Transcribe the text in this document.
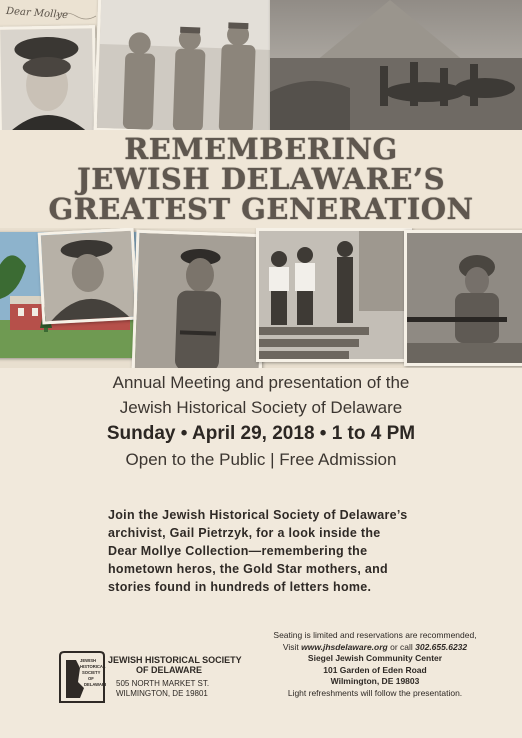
Dear Mollye
REMEMBERING
JEWISH DELAWARE’S
GREATEST GENERATION
Annual Meeting and presentation of the
Jewish Historical Society of Delaware
Sunday • April 29, 2018 • 1 to 4 PM
Open to the Public | Free Admission
Join the Jewish Historical Society of Delaware’s
archivist, Gail Pietrzyk, for a look inside the
Dear Mollye Collection—remembering the
hometown heros, the Gold Star mothers, and
stories found in hundreds of letters home.
JEWISH
HISTORICAL
SOCIETY
OF
DELAWARE
JEWISH HISTORICAL SOCIETY
OF DELAWARE
505 NORTH MARKET ST.
WILMINGTON, DE 19801
Seating is limited and reservations are recommended,
Visit www.jhsdelaware.org or call 302.655.6232
Siegel Jewish Community Center
101 Garden of Eden Road
Wilmington, DE 19803
Light refreshments will follow the presentation.
